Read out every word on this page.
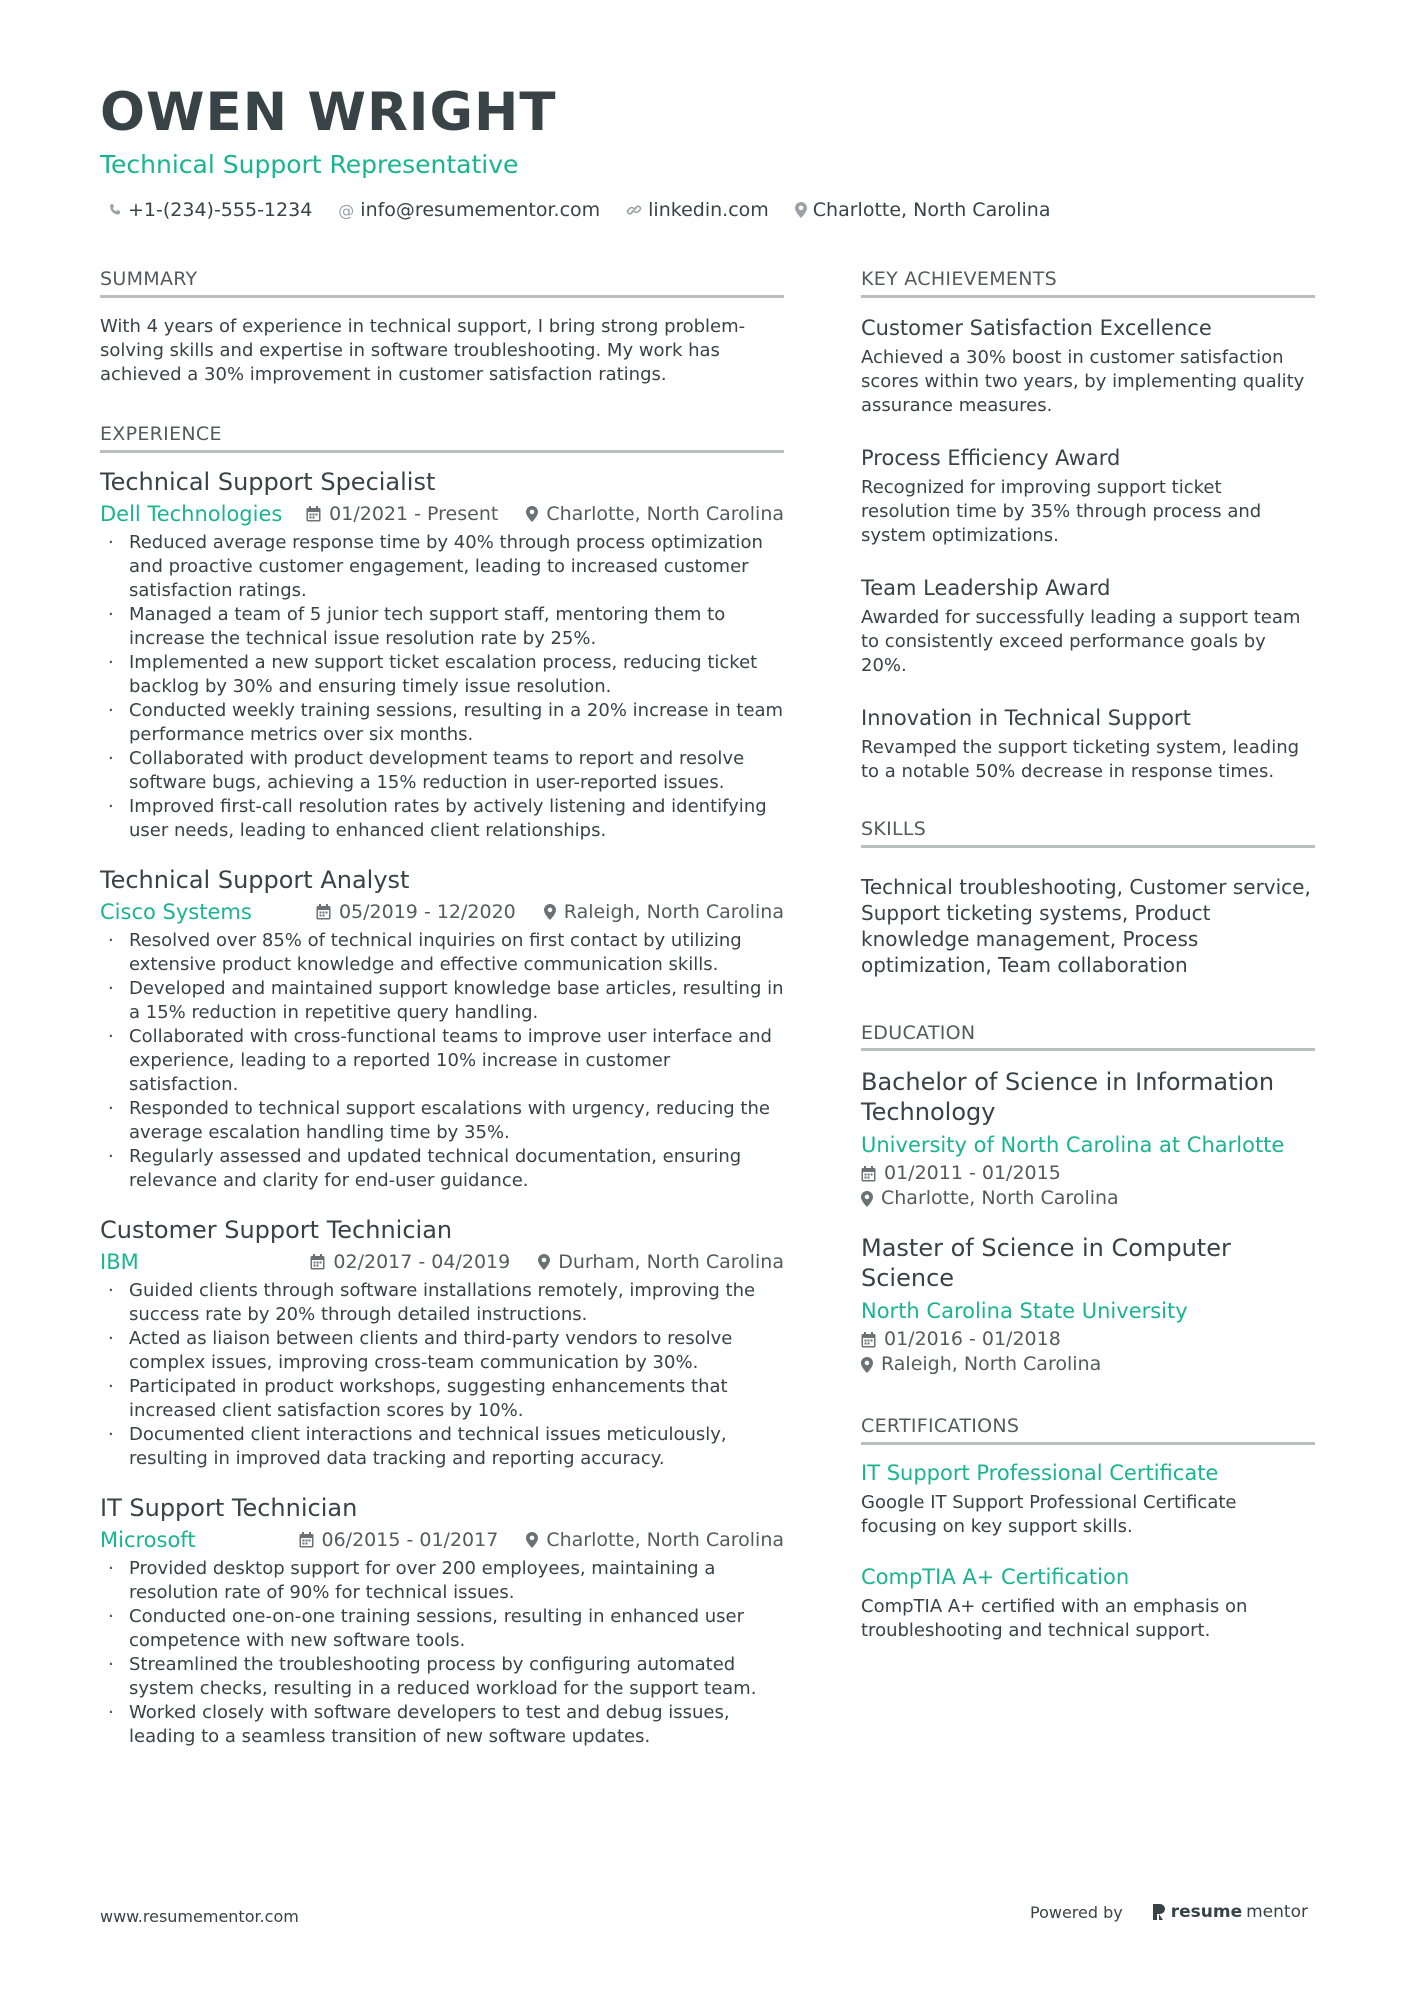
OWEN WRIGHT
Technical Support Representative
+1-(234)-555-1234 @ info@resumementor.com	linkedin.com Charlotte, North Carolina
SUMMARY

With 4 years of experience in technical support, I bring strong problem-solving skills and expertise in software troubleshooting. My work has achieved a 30% improvement in customer satisfaction ratings.

EXPERIENCE
Technical Support Specialist
Dell Technologies 01/2021 - Present	Charlotte, North Carolina
· Reduced average response time by 40% through process optimization and proactive customer engagement, leading to increased customer satisfaction ratings.
· Managed a team of 5 junior tech support staff, mentoring them to increase the technical issue resolution rate by 25%.
· Implemented a new support ticket escalation process, reducing ticket backlog by 30% and ensuring timely issue resolution.
· Conducted weekly training sessions, resulting in a 20% increase in team performance metrics over six months.
· Collaborated with product development teams to report and resolve software bugs, achieving a 15% reduction in user-reported issues.
· Improved first-call resolution rates by actively listening and identifying user needs, leading to enhanced client relationships.
Technical Support Analyst
Cisco Systems	05/2019 - 12/2020	Raleigh, North Carolina
· Resolved over 85% of technical inquiries on first contact by utilizing extensive product knowledge and effective communication skills.
· Developed and maintained support knowledge base articles, resulting in a 15% reduction in repetitive query handling.
· Collaborated with cross-functional teams to improve user interface and experience, leading to a reported 10% increase in customer satisfaction.
· Responded to technical support escalations with urgency, reducing the average escalation handling time by 35%.
· Regularly assessed and updated technical documentation, ensuring relevance and clarity for end-user guidance.
Customer Support Technician
IBM	02/2017 - 04/2019	Durham, North Carolina
· Guided clients through software installations remotely, improving the success rate by 20% through detailed instructions.
· Acted as liaison between clients and third-party vendors to resolve complex issues, improving cross-team communication by 30%.
· Participated in product workshops, suggesting enhancements that increased client satisfaction scores by 10%.
· Documented client interactions and technical issues meticulously, resulting in improved data tracking and reporting accuracy.
IT Support Technician
Microsoft	06/2015 - 01/2017	Charlotte, North Carolina
· Provided desktop support for over 200 employees, maintaining a resolution rate of 90% for technical issues.
· Conducted one-on-one training sessions, resulting in enhanced user competence with new software tools.
· Streamlined the troubleshooting process by configuring automated system checks, resulting in a reduced workload for the support team.
· Worked closely with software developers to test and debug issues, leading to a seamless transition of new software updates.
KEY ACHIEVEMENTS
Customer Satisfaction Excellence

Achieved a 30% boost in customer satisfaction scores within two years, by implementing quality assurance measures.

Process Efficiency Award

Recognized for improving support ticket resolution time by 35% through process and system optimizations.

Team Leadership Award

Awarded for successfully leading a support team to consistently exceed performance goals by 20%.

Innovation in Technical Support

Revamped the support ticketing system, leading to a notable 50% decrease in response times.

SKILLS

Technical troubleshooting, Customer service, Support ticketing systems, Product knowledge management, Process optimization, Team collaboration

EDUCATION
Bachelor of Science in Information Technology
University of North Carolina at Charlotte
01/2011 - 01/2015
Charlotte, North Carolina
Master of Science in Computer Science
North Carolina State University
01/2016 - 01/2018
Raleigh, North Carolina
CERTIFICATIONS
IT Support Professional Certificate

Google IT Support Professional Certificate focusing on key support skills.

CompTIA A+ Certification

CompTIA A+ certified with an emphasis on troubleshooting and technical support.

www.resumementor.com	Powered by	resume mentor
